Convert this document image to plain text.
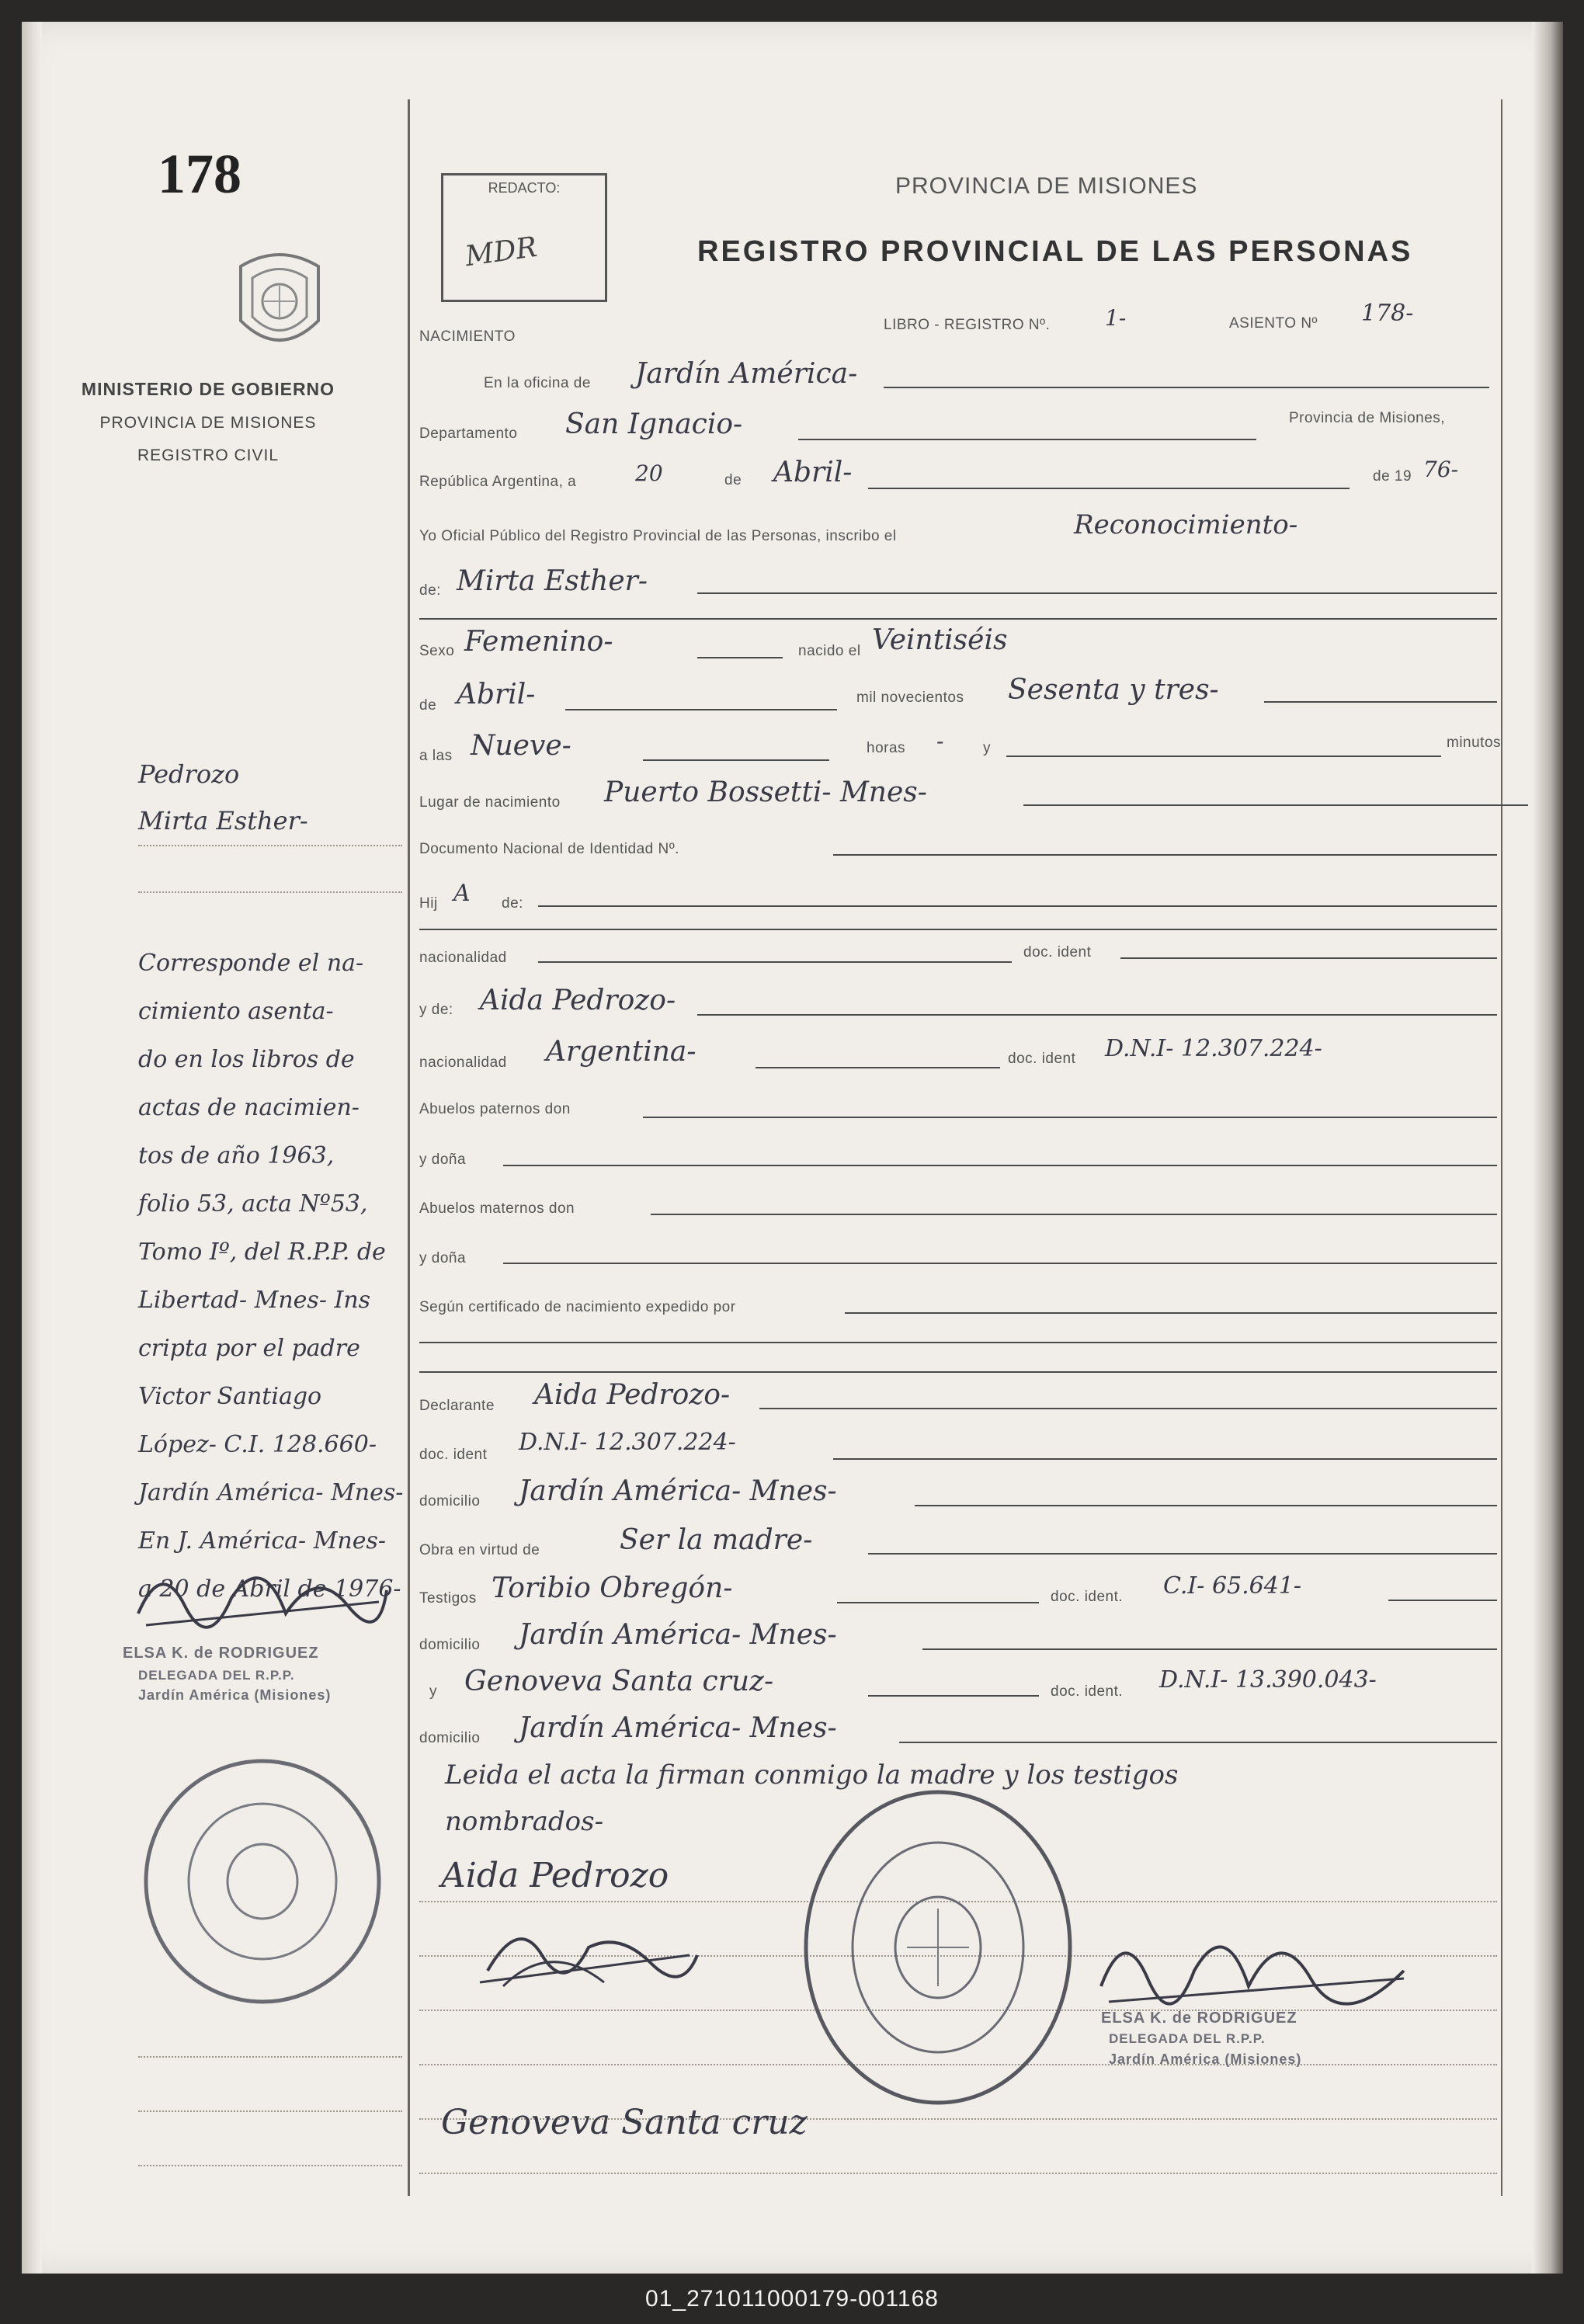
178
MINISTERIO DE GOBIERNO
PROVINCIA DE MISIONES
REGISTRO CIVIL
REDACTO:
MDR
PROVINCIA DE MISIONES
REGISTRO PROVINCIAL DE LAS PERSONAS
NACIMIENTO
LIBRO - REGISTRO Nº.	1-	ASIENTO Nº 178-
En la oficina de Jardín América-
Departamento San Ignacio-	Provincia de Misiones,
República Argentina, a	20	de Abril-	de 19 76-
Yo Oficial Público del Registro Provincial de las Personas, inscribo el	Reconocimiento-
de: Mirta Esther-
Sexo Femenino-	nacido el Veintiséis
de Abril-	mil novecientos Sesenta y tres-
a las Nueve-	horas -	y	minutos
Lugar de nacimiento Puerto Bossetti- Mnes-
Documento Nacional de Identidad Nº.
Hij A de:
nacionalidad	doc. ident
y de: Aida Pedrozo-
nacionalidad Argentina-	doc. ident D.N.I- 12.307.224-
Abuelos paternos don
y doña
Abuelos maternos don
y doña
Según certificado de nacimiento expedido por
Declarante Aida Pedrozo-
doc. ident D.N.I- 12.307.224-
domicilio Jardín América- Mnes-
Obra en virtud de	Ser la madre-
Testigos Toribio Obregón-	doc. ident. C.I- 65.641-
domicilio Jardín América- Mnes-
y Genoveva Santa cruz-	doc. ident. D.N.I- 13.390.043-
domicilio Jardín América- Mnes-
Leida el acta la firman conmigo la madre y los testigos
nombrados-
Aida Pedrozo
Genoveva Santa cruz
ELSA K. de RODRIGUEZ
DELEGADA DEL R.P.P.
Jardín América (Misiones)
Pedrozo
Mirta Esther-
Corresponde el na-
cimiento asenta-
do en los libros de
actas de nacimien-
tos de año 1963,
folio 53, acta Nº53,
Tomo Iº, del R.P.P. de
Libertad- Mnes- Ins
cripta por el padre
Victor Santiago
López- C.I. 128.660-
Jardín América- Mnes-
En J. América- Mnes-
a 20 de Abril de 1976-
ELSA K. de RODRIGUEZ
DELEGADA DEL R.P.P.
Jardín América (Misiones)
01_271011000179-001168
